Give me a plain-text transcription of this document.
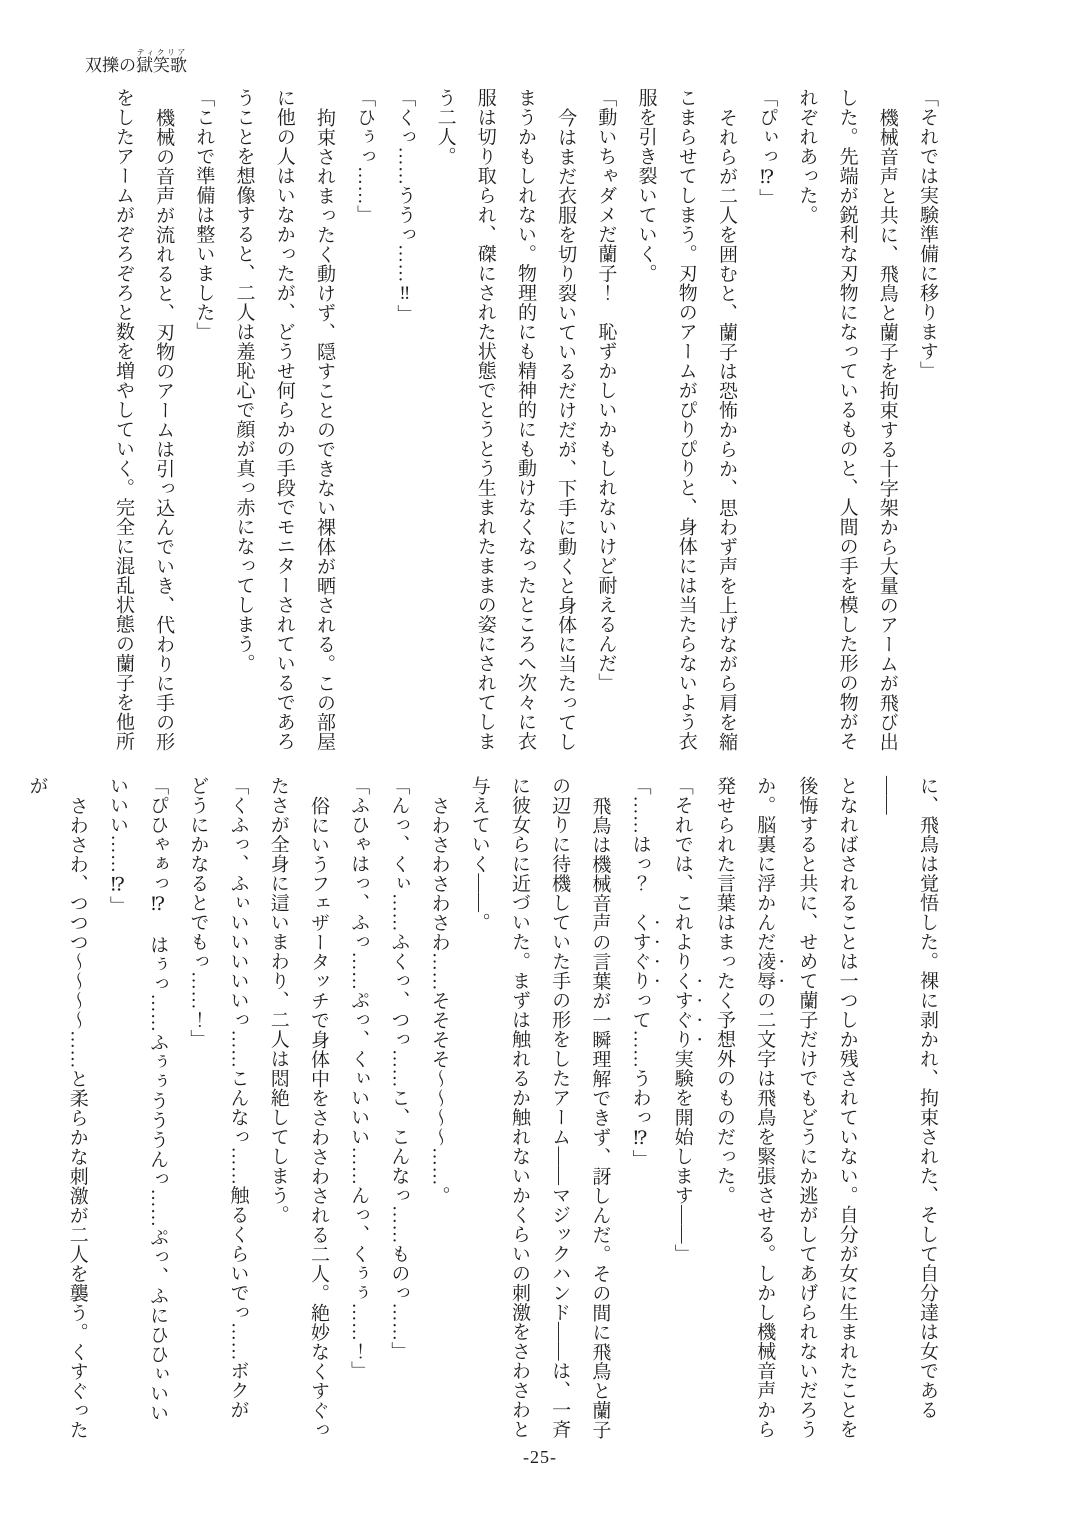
双擽の獄笑歌ティクリア

「それでは実験準備に移ります」

機械音声と共に、飛鳥と蘭子を拘束する十字架から大量のアームが飛び出

した。先端が鋭利な刃物になっているものと、人間の手を模した形の物がそ

れぞれあった。

「ぴぃっ⁉」

それらが二人を囲むと、蘭子は恐怖からか、思わず声を上げながら肩を縮

こまらせてしまう。刃物のアームがぴりぴりと、身体には当たらないよう衣

服を引き裂いていく。

「動いちゃダメだ蘭子！　恥ずかしいかもしれないけど耐えるんだ」

今はまだ衣服を切り裂いているだけだが、下手に動くと身体に当たってし

まうかもしれない。物理的にも精神的にも動けなくなったところへ次々に衣

服は切り取られ、磔にされた状態でとうとう生まれたままの姿にされてしま

う二人。

「くっ……ううっ……‼」

「ひぅっ……」

拘束されまったく動けず、隠すことのできない裸体が晒される。この部屋

に他の人はいなかったが、どうせ何らかの手段でモニターされているであろ

うことを想像すると、二人は羞恥心で顔が真っ赤になってしまう。

「これで準備は整いました」

機械の音声が流れると、刃物のアームは引っ込んでいき、代わりに手の形

をしたアームがぞろぞろと数を増やしていく。完全に混乱状態の蘭子を他所

に、飛鳥は覚悟した。裸に剥かれ、拘束された、そして自分達は女である――

となればされることは一つしか残されていない。自分が女に生まれたことを

後悔すると共に、せめて蘭子だけでもどうにか逃がしてあげられないだろう

か。脳裏に浮かんだ凌辱の二文字は飛鳥を緊張させる。しかし機械音声から

発せられた言葉はまったく予想外のものだった。

「それでは、これよりくすぐり実験を開始します――」

「……はっ？　くすぐりって……うわっ⁉」

飛鳥は機械音声の言葉が一瞬理解できず、訝しんだ。その間に飛鳥と蘭子

の辺りに待機していた手の形をしたアーム――マジックハンド――は、一斉

に彼女らに近づいた。まずは触れるか触れないかくらいの刺激をさわさわと

与えていく――。

さわさわさわさわ……そそそそ〜〜〜〜……。

「んっ、くぃ……ふくっ、つっ……こ、こんなっ……ものっ……」

「ふひゃはっ、ふっ……ぷっ、くぃいいい……んっ、くぅぅ……！」

俗にいうフェザータッチで身体中をさわさわされる二人。絶妙なくすぐっ

たさが全身に這いまわり、二人は悶絶してしまう。

「くふっ、ふぃいいいいいっ……こんなっ……触るくらいでっ……ボクが

どうにかなるとでもっ……！」

「ぴひゃぁっ⁉　はぅっ……ふぅぅうううんっ……ぷっ、ふにひひぃいい

いいい……⁉」

さわさわ、つつつ〜〜〜〜……と柔らかな刺激が二人を襲う。くすぐったが

-25-
